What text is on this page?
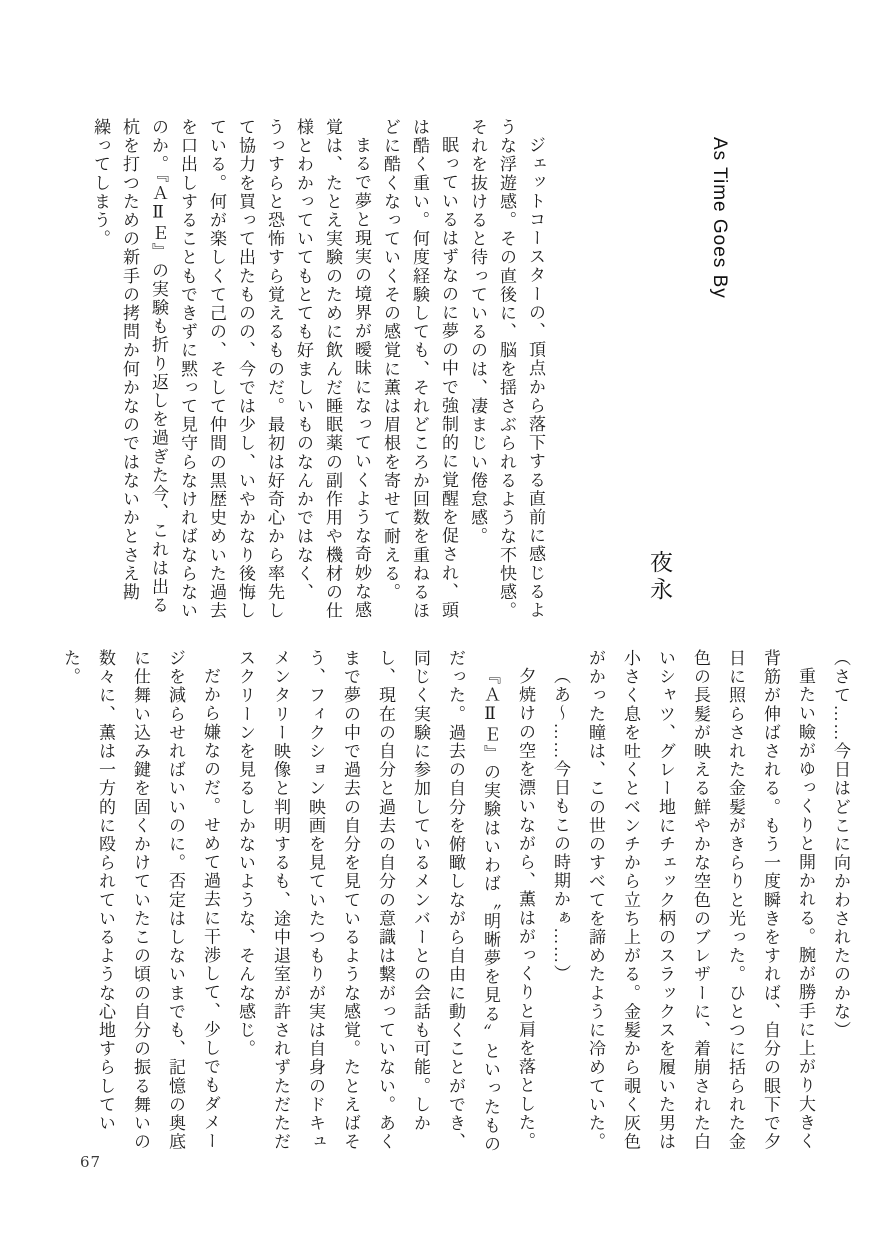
As Time Goes By
夜永

ジェットコースターの、頂点から落下する直前に感じるような浮遊感。その直後に、脳を揺さぶられるような不快感。それを抜けると待っているのは、凄まじい倦怠感。

眠っているはずなのに夢の中で強制的に覚醒を促され、頭は酷く重い。何度経験しても、それどころか回数を重ねるほどに酷くなっていくその感覚に薫は眉根を寄せて耐える。

まるで夢と現実の境界が曖昧になっていくような奇妙な感覚は、たとえ実験のために飲んだ睡眠薬の副作用や機材の仕様とわかっていてもとても好ましいものなんかではなく、うっすらと恐怖すら覚えるものだ。最初は好奇心から率先して協力を買って出たものの、今では少し、いやかなり後悔している。何が楽しくて己の、そして仲間の黒歴史めいた過去を口出しすることもできずに黙って見守らなければならないのか。『ＡⅡＥ』の実験も折り返しを過ぎた今、これは出る杭を打つための新手の拷問か何かなのではないかとさえ勘繰ってしまう。

（さて……今日はどこに向かわされたのかな）

重たい瞼がゆっくりと開かれる。腕が勝手に上がり大きく背筋が伸ばされる。もう一度瞬きをすれば、自分の眼下で夕日に照らされた金髪がきらりと光った。ひとつに括られた金色の長髪が映える鮮やかな空色のブレザーに、着崩された白いシャツ、グレー地にチェック柄のスラックスを履いた男は小さく息を吐くとベンチから立ち上がる。金髪から覗く灰色がかった瞳は、この世のすべてを諦めたように冷めていた。

（あ〜……今日もこの時期かぁ……）

夕焼けの空を漂いながら、薫はがっくりと肩を落とした。

『ＡⅡＥ』の実験はいわば〝明晰夢を見る〟といったものだった。過去の自分を俯瞰しながら自由に動くことができ、同じく実験に参加しているメンバーとの会話も可能。しかし、現在の自分と過去の自分の意識は繋がっていない。あくまで夢の中で過去の自分を見ているような感覚。たとえばそう、フィクション映画を見ていたつもりが実は自身のドキュメンタリー映像と判明するも、途中退室が許されずただただスクリーンを見るしかないような、そんな感じ。

だから嫌なのだ。せめて過去に干渉して、少しでもダメージを減らせればいいのに。否定はしないまでも、記憶の奥底に仕舞い込み鍵を固くかけていたこの頃の自分の振る舞いの数々に、薫は一方的に殴られているような心地すらしていた。

67
